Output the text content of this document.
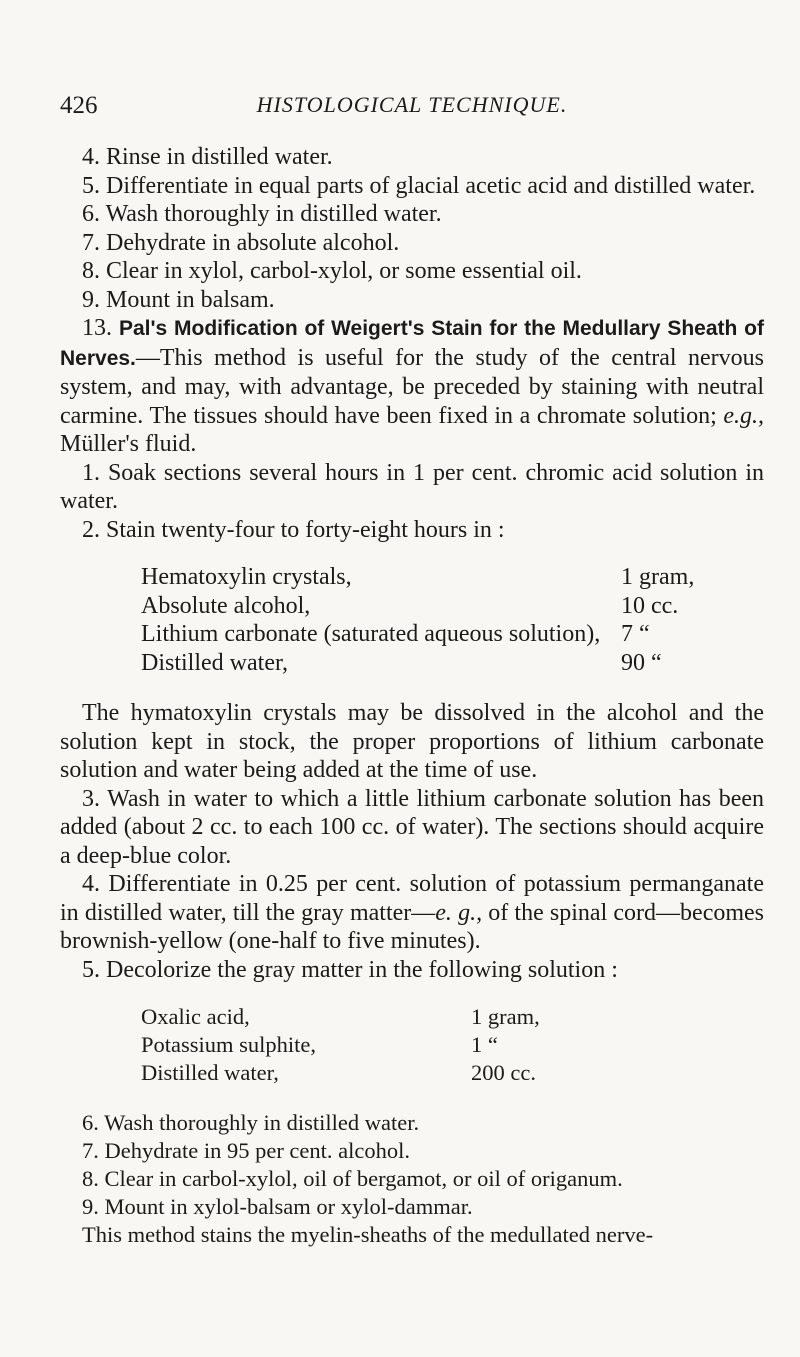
426	HISTOLOGICAL TECHNIQUE.

4. Rinse in distilled water.

5. Differentiate in equal parts of glacial acetic acid and distilled water.

6. Wash thoroughly in distilled water.

7. Dehydrate in absolute alcohol.

8. Clear in xylol, carbol-xylol, or some essential oil.

9. Mount in balsam.

13. Pal's Modification of Weigert's Stain for the Medullary Sheath of Nerves.—This method is useful for the study of the central nervous system, and may, with advantage, be preceded by staining with neutral carmine. The tissues should have been fixed in a chromate solution; e.g., Müller's fluid.

1. Soak sections several hours in 1 per cent. chromic acid solution in water.

2. Stain twenty-four to forty-eight hours in :

Hematoxylin crystals,	1 gram,
Absolute alcohol,	10 cc.
Lithium carbonate (saturated aqueous solution), 7 “
Distilled water,	90 “

The hymatoxylin crystals may be dissolved in the alcohol and the solution kept in stock, the proper proportions of lithium carbonate solution and water being added at the time of use.

3. Wash in water to which a little lithium carbonate solution has been added (about 2 cc. to each 100 cc. of water). The sections should acquire a deep-blue color.

4. Differentiate in 0.25 per cent. solution of potassium permanganate in distilled water, till the gray matter—e. g., of the spinal cord—becomes brownish-yellow (one-half to five minutes).

5. Decolorize the gray matter in the following solution :

Oxalic acid,	1 gram,
Potassium sulphite,	1 “
Distilled water,	200 cc.

6. Wash thoroughly in distilled water.

7. Dehydrate in 95 per cent. alcohol.

8. Clear in carbol-xylol, oil of bergamot, or oil of origanum.

9. Mount in xylol-balsam or xylol-dammar.

This method stains the myelin-sheaths of the medullated nerve-
